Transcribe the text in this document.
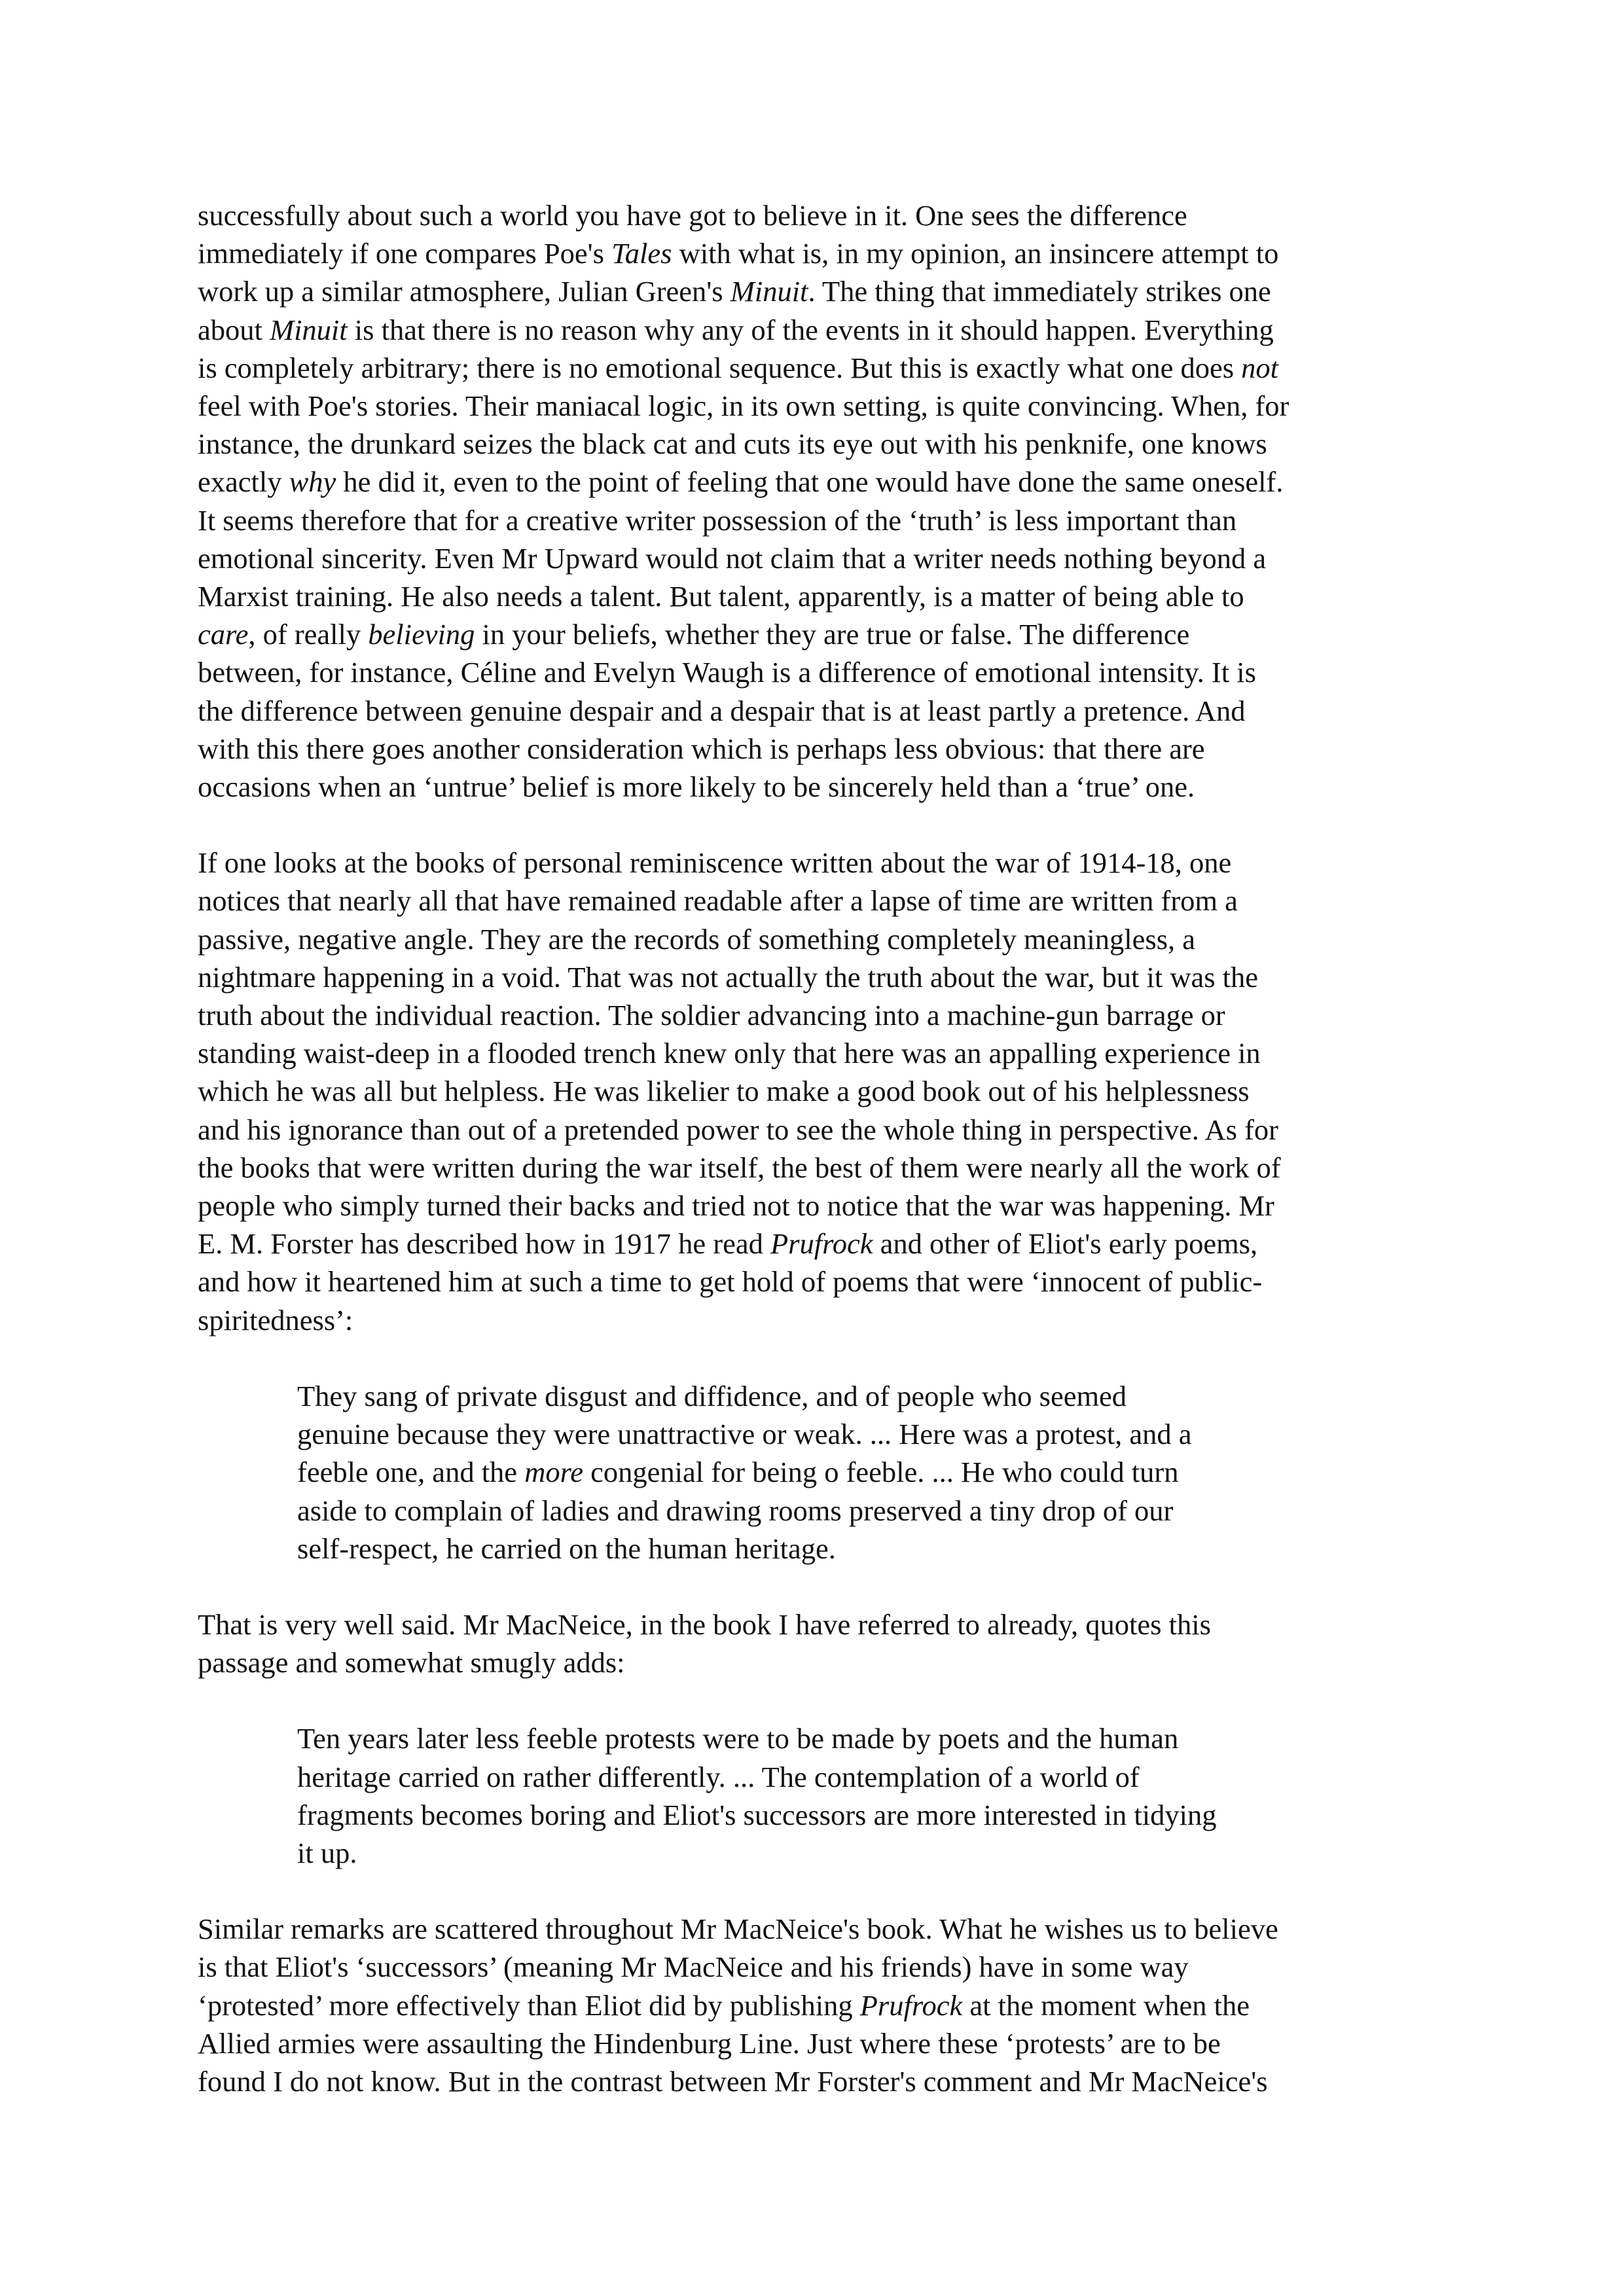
successfully about such a world you have got to believe in it. One sees the difference
immediately if one compares Poe's Tales with what is, in my opinion, an insincere attempt to
work up a similar atmosphere, Julian Green's Minuit. The thing that immediately strikes one
about Minuit is that there is no reason why any of the events in it should happen. Everything
is completely arbitrary; there is no emotional sequence. But this is exactly what one does not
feel with Poe's stories. Their maniacal logic, in its own setting, is quite convincing. When, for
instance, the drunkard seizes the black cat and cuts its eye out with his penknife, one knows
exactly why he did it, even to the point of feeling that one would have done the same oneself.
It seems therefore that for a creative writer possession of the ‘truth’ is less important than
emotional sincerity. Even Mr Upward would not claim that a writer needs nothing beyond a
Marxist training. He also needs a talent. But talent, apparently, is a matter of being able to
care, of really believing in your beliefs, whether they are true or false. The difference
between, for instance, Céline and Evelyn Waugh is a difference of emotional intensity. It is
the difference between genuine despair and a despair that is at least partly a pretence. And
with this there goes another consideration which is perhaps less obvious: that there are
occasions when an ‘untrue’ belief is more likely to be sincerely held than a ‘true’ one.
If one looks at the books of personal reminiscence written about the war of 1914-18, one
notices that nearly all that have remained readable after a lapse of time are written from a
passive, negative angle. They are the records of something completely meaningless, a
nightmare happening in a void. That was not actually the truth about the war, but it was the
truth about the individual reaction. The soldier advancing into a machine-gun barrage or
standing waist-deep in a flooded trench knew only that here was an appalling experience in
which he was all but helpless. He was likelier to make a good book out of his helplessness
and his ignorance than out of a pretended power to see the whole thing in perspective. As for
the books that were written during the war itself, the best of them were nearly all the work of
people who simply turned their backs and tried not to notice that the war was happening. Mr
E. M. Forster has described how in 1917 he read Prufrock and other of Eliot's early poems,
and how it heartened him at such a time to get hold of poems that were ‘innocent of public-
spiritedness’:
They sang of private disgust and diffidence, and of people who seemed
genuine because they were unattractive or weak. ... Here was a protest, and a
feeble one, and the more congenial for being o feeble. ... He who could turn
aside to complain of ladies and drawing rooms preserved a tiny drop of our
self-respect, he carried on the human heritage.
That is very well said. Mr MacNeice, in the book I have referred to already, quotes this
passage and somewhat smugly adds:
Ten years later less feeble protests were to be made by poets and the human
heritage carried on rather differently. ... The contemplation of a world of
fragments becomes boring and Eliot's successors are more interested in tidying
it up.
Similar remarks are scattered throughout Mr MacNeice's book. What he wishes us to believe
is that Eliot's ‘successors’ (meaning Mr MacNeice and his friends) have in some way
‘protested’ more effectively than Eliot did by publishing Prufrock at the moment when the
Allied armies were assaulting the Hindenburg Line. Just where these ‘protests’ are to be
found I do not know. But in the contrast between Mr Forster's comment and Mr MacNeice's
